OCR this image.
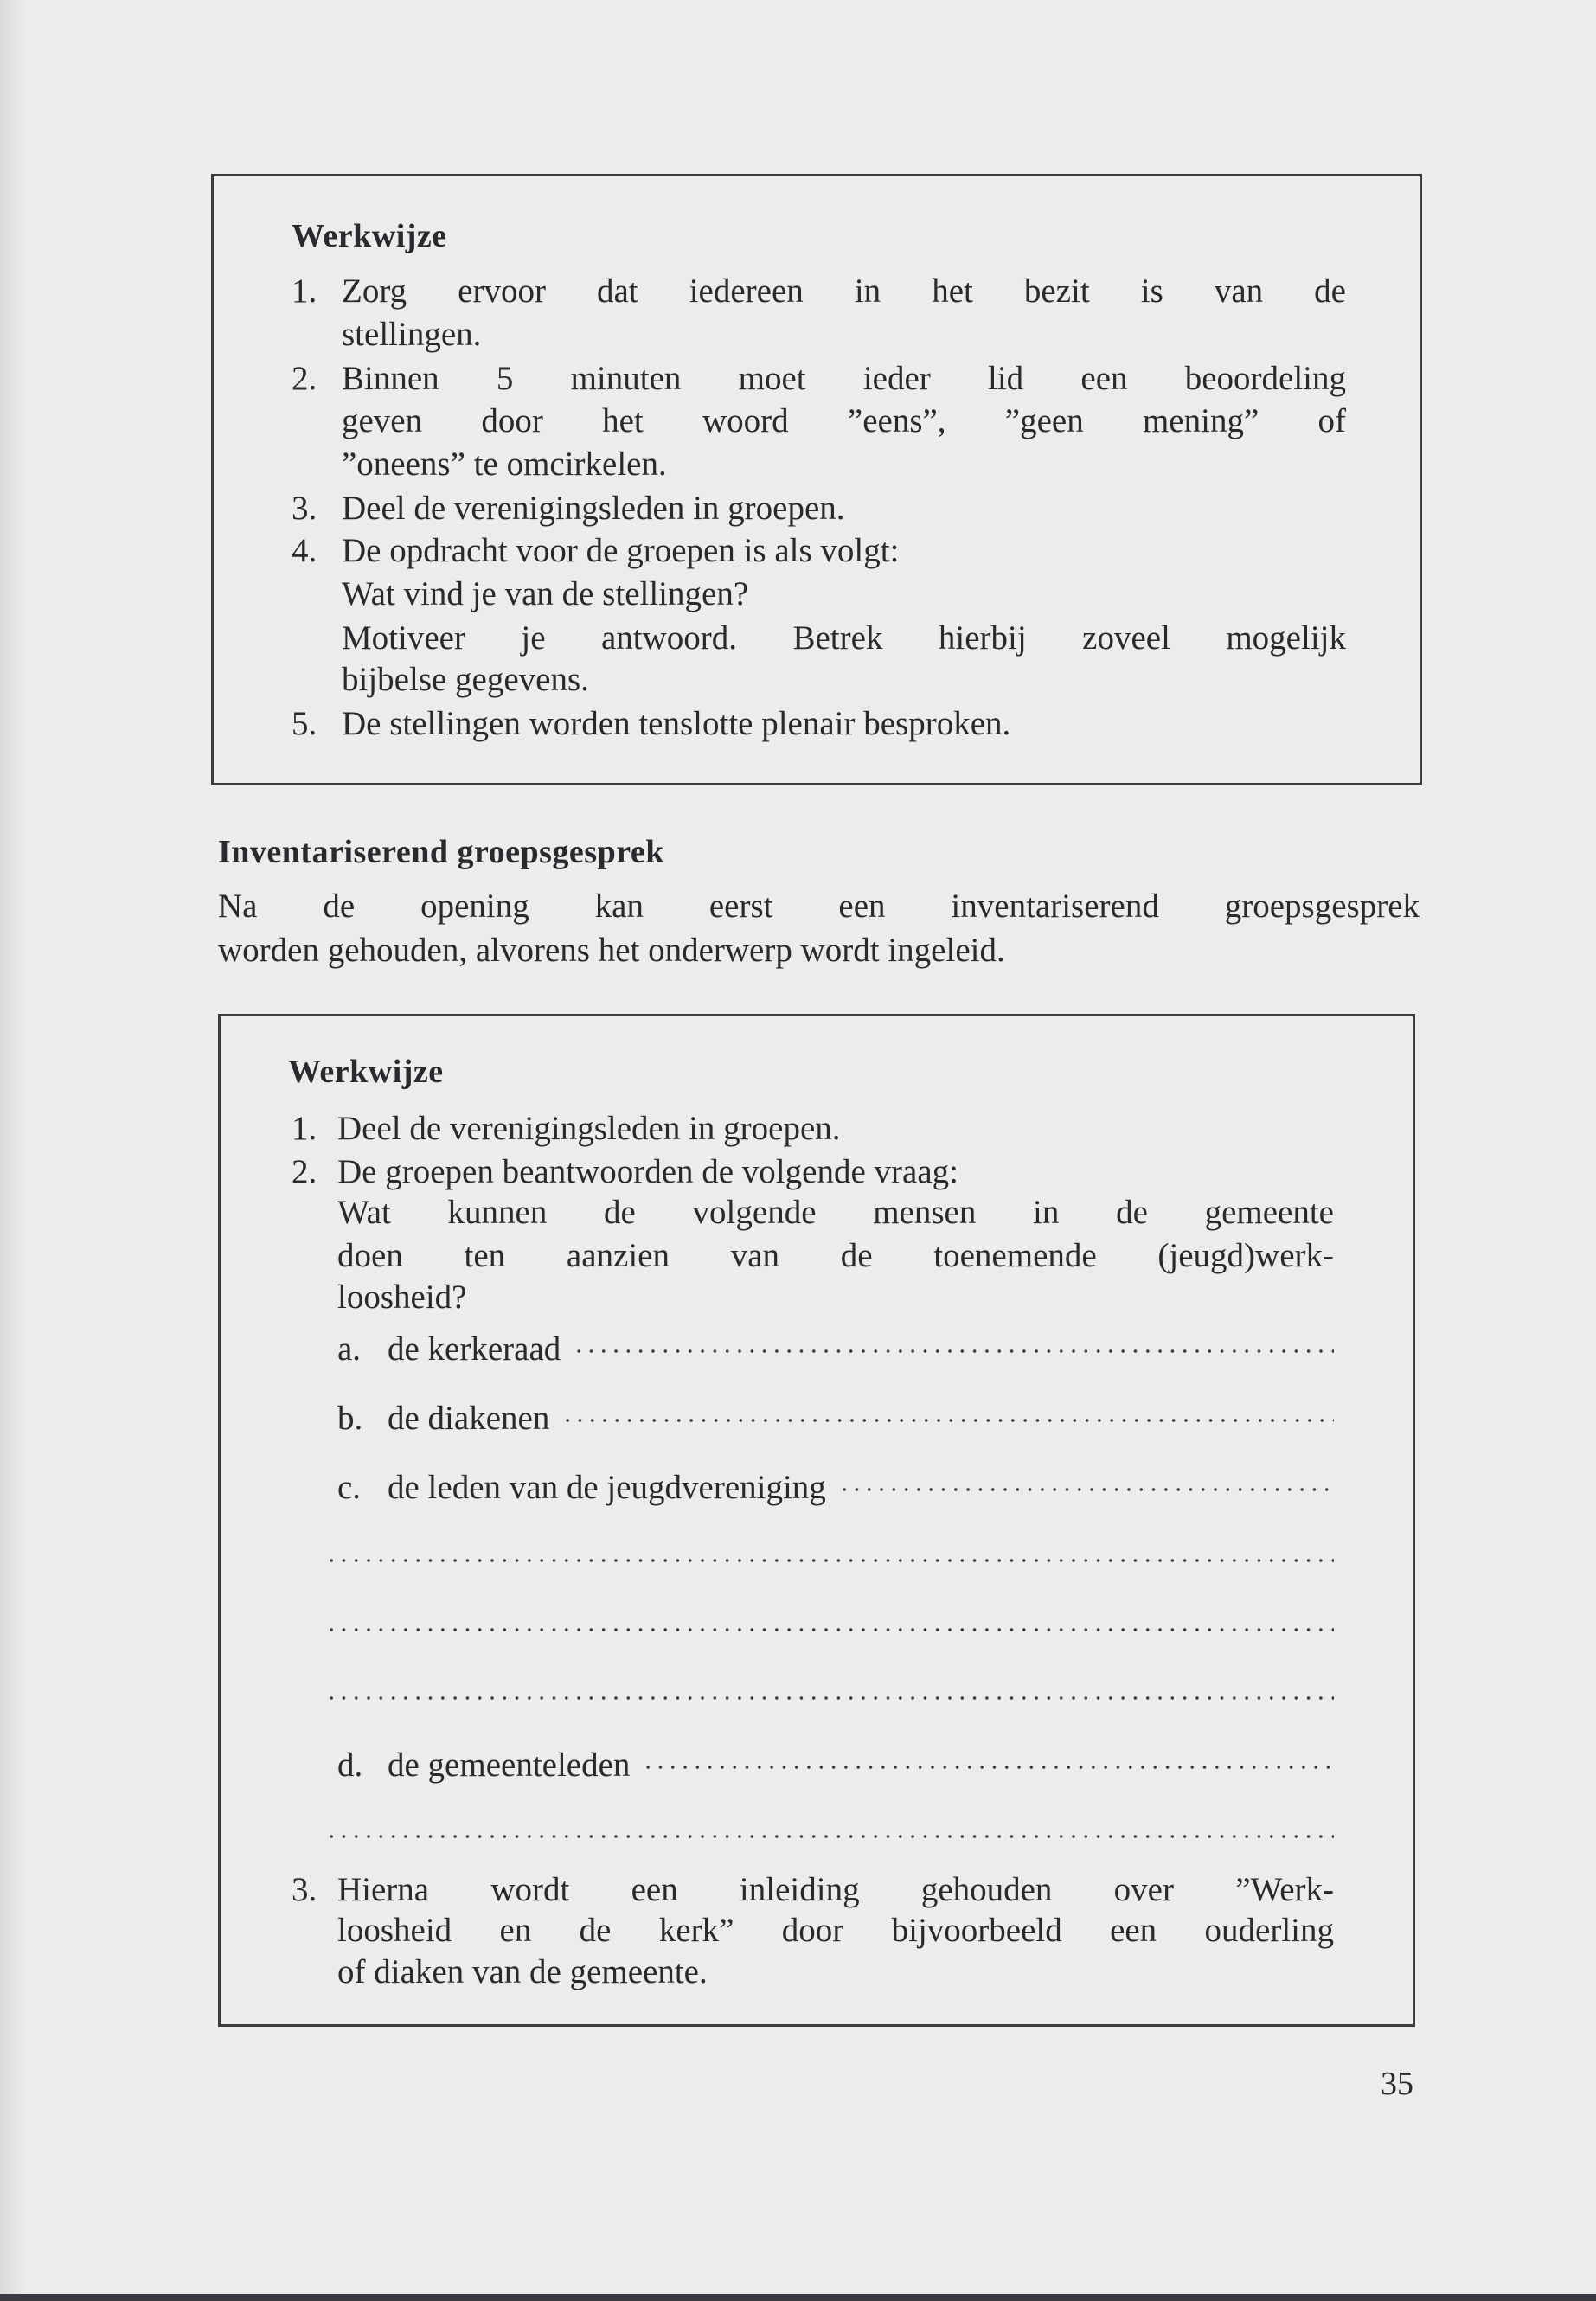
Werkwijze
1. Zorg ervoor dat iedereen in het bezit is van de
stellingen.
2. Binnen 5 minuten moet ieder lid een beoordeling
geven door het woord ”eens”, ”geen mening” of
”oneens” te omcirkelen.
3. Deel de verenigingsleden in groepen.
4. De opdracht voor de groepen is als volgt:
Wat vind je van de stellingen?
Motiveer je antwoord. Betrek hierbij zoveel mogelijk
bijbelse gegevens.
5. De stellingen worden tenslotte plenair besproken.
Inventariserend groepsgesprek
Na de opening kan eerst een inventariserend groepsgesprek
worden gehouden, alvorens het onderwerp wordt ingeleid.
Werkwijze
1. Deel de verenigingsleden in groepen.
2. De groepen beantwoorden de volgende vraag:
Wat kunnen de volgende mensen in de gemeente
doen ten aanzien van de toenemende (jeugd)werk-
loosheid?
3. Hierna wordt een inleiding gehouden over ”Werk-
loosheid en de kerk” door bijvoorbeeld een ouderling
of diaken van de gemeente.
a. de kerkeraad
b. de diakenen
c. de leden van de jeugdvereniging
d. de gemeenteleden
35
